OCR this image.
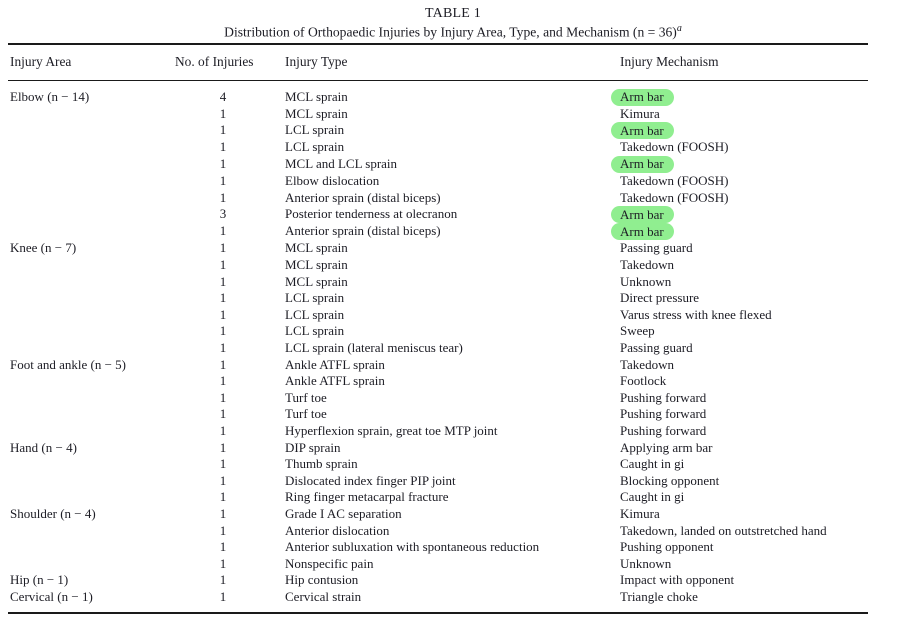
TABLE 1
Distribution of Orthopaedic Injuries by Injury Area, Type, and Mechanism (n = 36)$^a$
Injury Area	No. of Injuries	Injury Type	Injury Mechanism
Elbow (n − 14)	4	MCL sprain	Arm bar
1	MCL sprain	Kimura
1	LCL sprain	Arm bar
1	LCL sprain	Takedown (FOOSH)
1	MCL and LCL sprain	Arm bar
1	Elbow dislocation	Takedown (FOOSH)
1	Anterior sprain (distal biceps)	Takedown (FOOSH)
3	Posterior tenderness at olecranon	Arm bar
1	Anterior sprain (distal biceps)	Arm bar
Knee (n − 7)	1	MCL sprain	Passing guard
1	MCL sprain	Takedown
1	MCL sprain	Unknown
1	LCL sprain	Direct pressure
1	LCL sprain	Varus stress with knee flexed
1	LCL sprain	Sweep
1	LCL sprain (lateral meniscus tear)	Passing guard
Foot and ankle (n − 5)	1	Ankle ATFL sprain	Takedown
1	Ankle ATFL sprain	Footlock
1	Turf toe	Pushing forward
1	Turf toe	Pushing forward
1	Hyperflexion sprain, great toe MTP joint	Pushing forward
Hand (n − 4)	1	DIP sprain	Applying arm bar
1	Thumb sprain	Caught in gi
1	Dislocated index finger PIP joint	Blocking opponent
1	Ring finger metacarpal fracture	Caught in gi
Shoulder (n − 4)	1	Grade I AC separation	Kimura
1	Anterior dislocation	Takedown, landed on outstretched hand
1	Anterior subluxation with spontaneous reduction	Pushing opponent
1	Nonspecific pain	Unknown
Hip (n − 1)	1	Hip contusion	Impact with opponent
Cervical (n − 1)	1	Cervical strain	Triangle choke
